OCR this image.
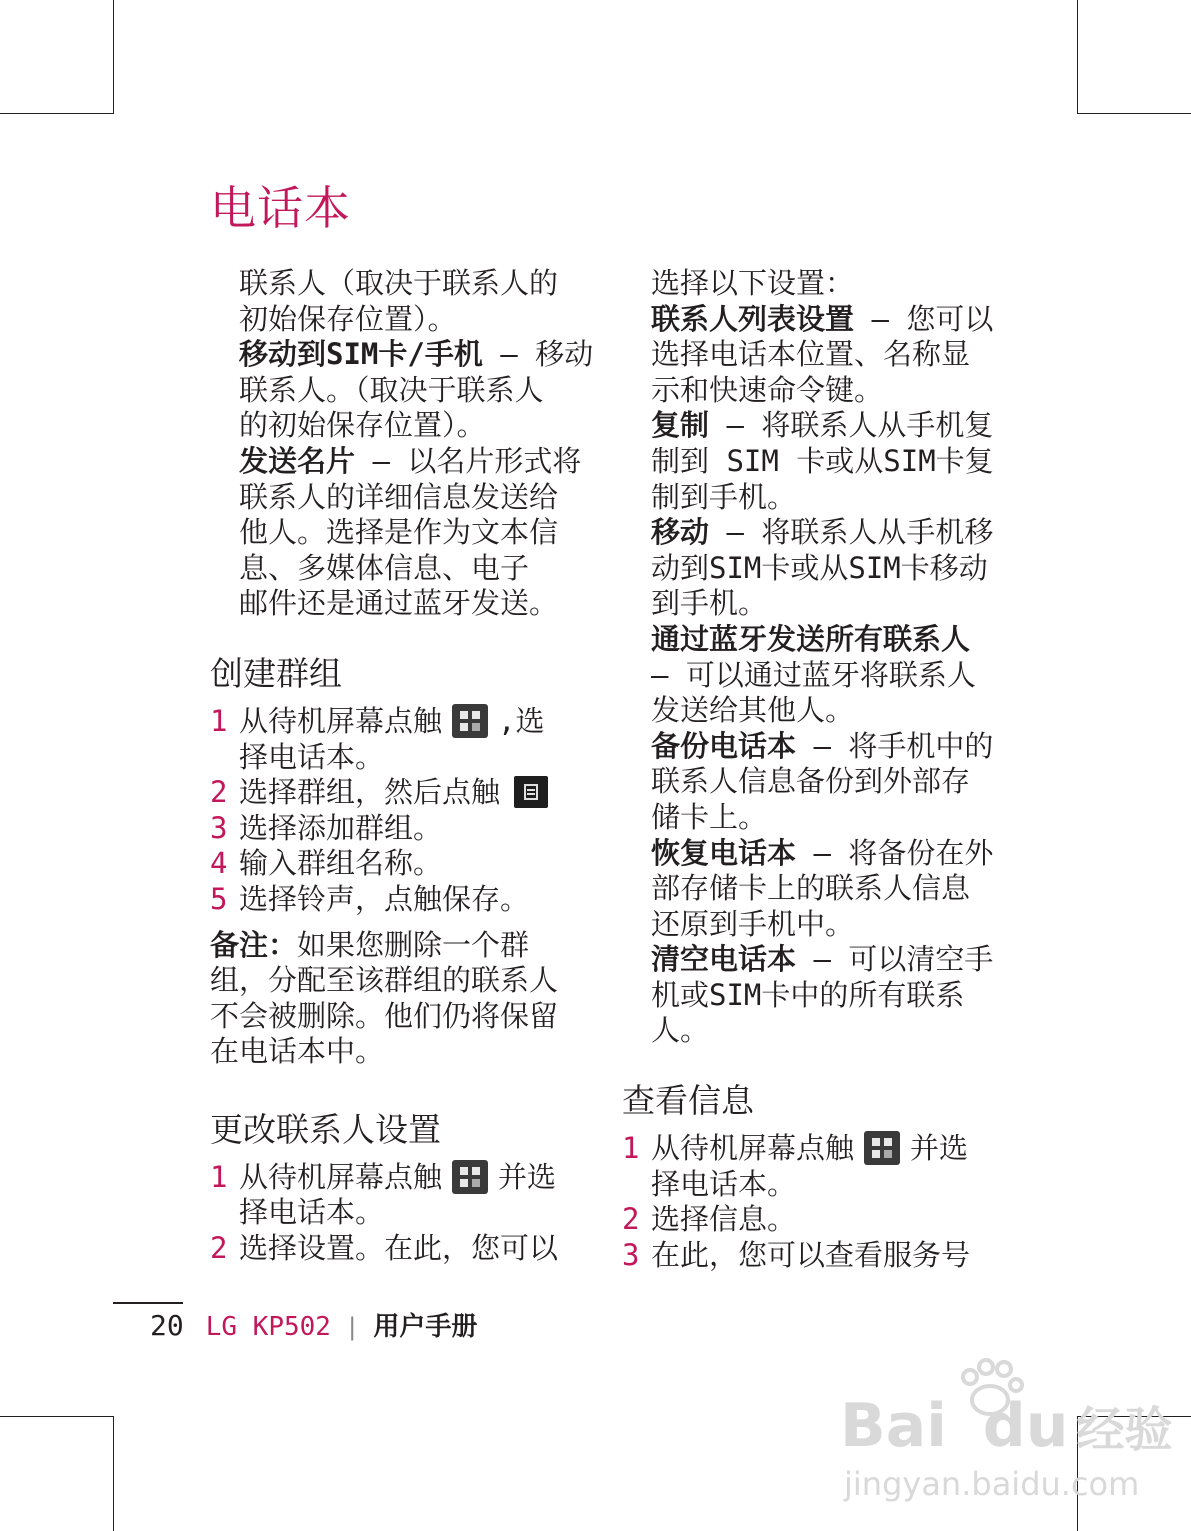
电话本
联系人（取决于联系人的
初始保存位置）。
移动到SIM卡/手机 – 移动
联系人。（取决于联系人
的初始保存位置）。
发送名片 – 以名片形式将
联系人的详细信息发送给
他人。选择是作为文本信
息、多媒体信息、电子
邮件还是通过蓝牙发送。
创建群组
1 从待机屏幕点触 ,选
择电话本。
2 选择群组，然后点触
3 选择添加群组。
4 输入群组名称。
5 选择铃声，点触保存。
备注：如果您删除一个群
组，分配至该群组的联系人
不会被删除。他们仍将保留
在电话本中。
更改联系人设置
1 从待机屏幕点触 并选
择电话本。
2 选择设置。在此，您可以
选择以下设置：
联系人列表设置 – 您可以
选择电话本位置、名称显
示和快速命令键。
复制 – 将联系人从手机复
制到 SIM 卡或从SIM卡复
制到手机。
移动 – 将联系人从手机移
动到SIM卡或从SIM卡移动
到手机。
通过蓝牙发送所有联系人
– 可以通过蓝牙将联系人
发送给其他人。
备份电话本 – 将手机中的
联系人信息备份到外部存
储卡上。
恢复电话本 – 将备份在外
部存储卡上的联系人信息
还原到手机中。
清空电话本 – 可以清空手
机或SIM卡中的所有联系
人。
查看信息
1 从待机屏幕点触 并选
择电话本。
2 选择信息。
3 在此，您可以查看服务号
20 LG KP502 | 用户手册
Bai du 经验
jingyan.baidu.com
